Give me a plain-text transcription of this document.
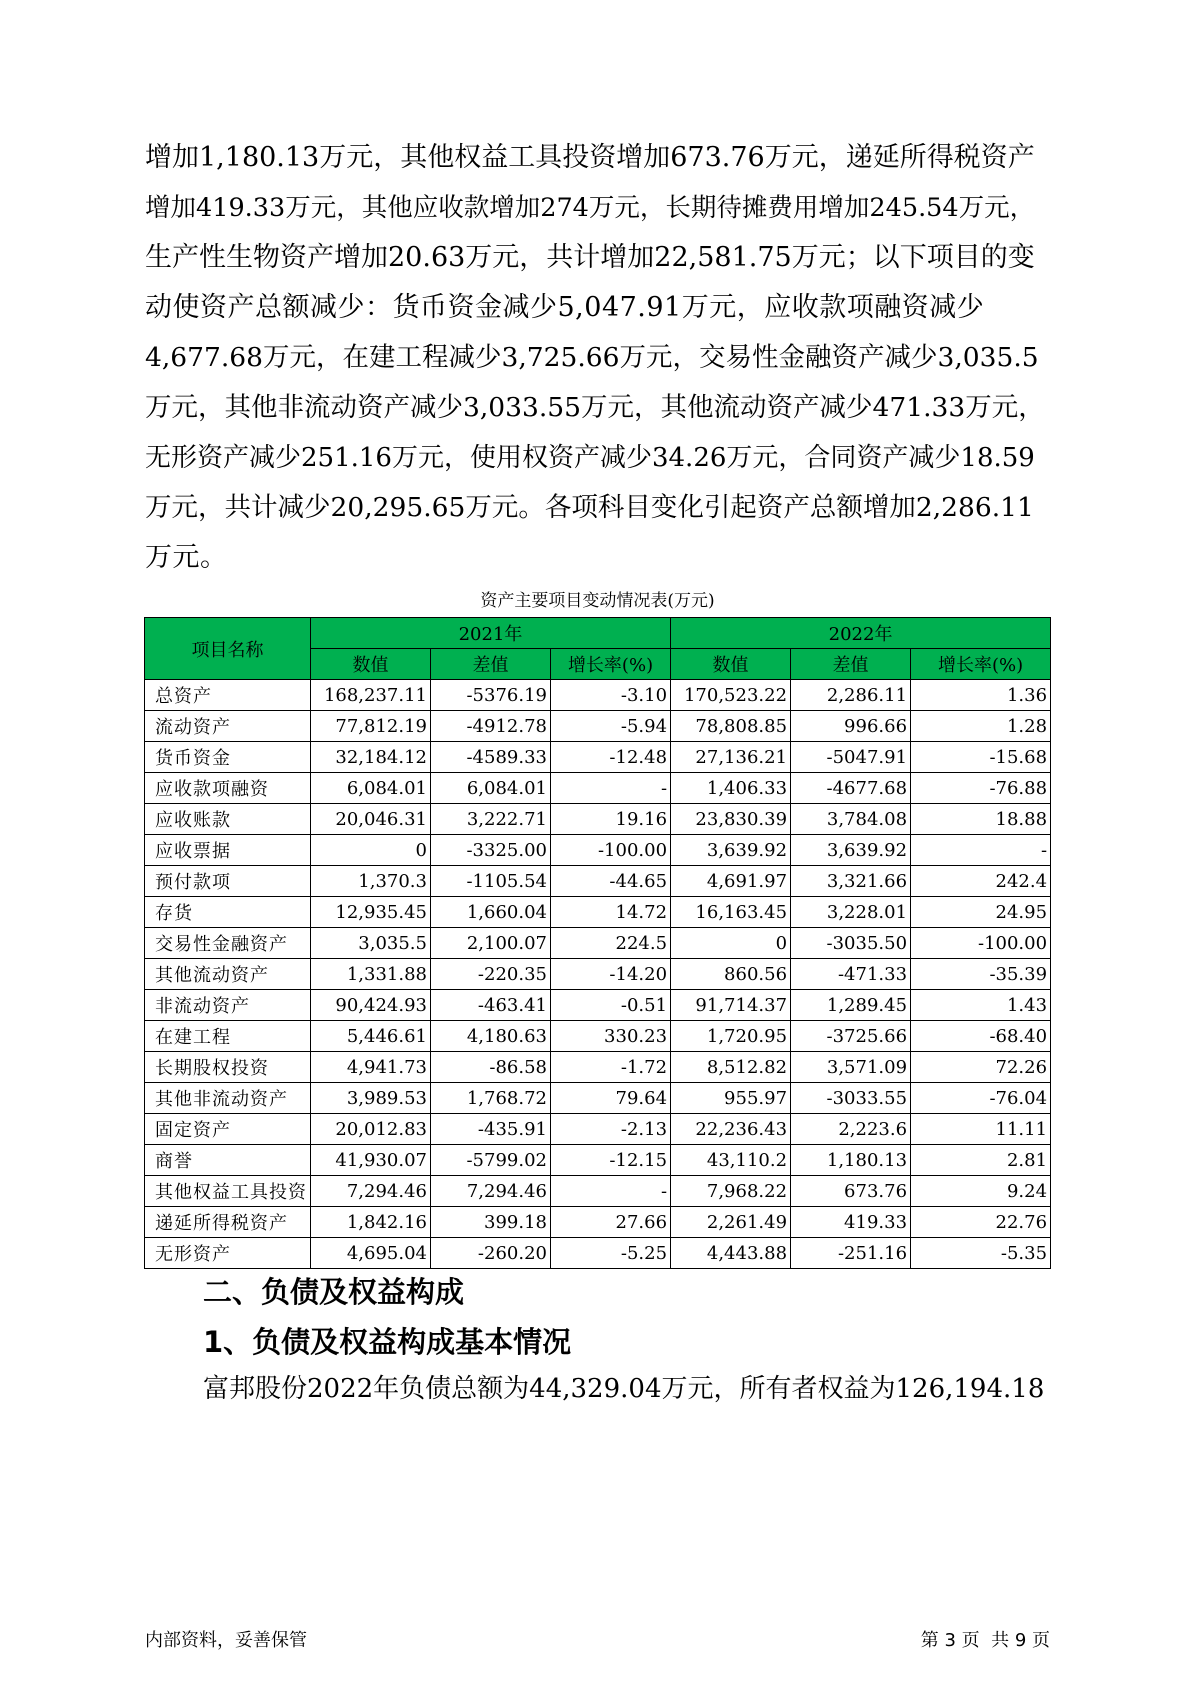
增加1,180.13万元，其他权益工具投资增加673.76万元，递延所得税资产
增加419.33万元，其他应收款增加274万元，长期待摊费用增加245.54万元，
生产性生物资产增加20.63万元，共计增加22,581.75万元；以下项目的变
动使资产总额减少：货币资金减少5,047.91万元，应收款项融资减少
4,677.68万元，在建工程减少3,725.66万元，交易性金融资产减少3,035.5
万元，其他非流动资产减少3,033.55万元，其他流动资产减少471.33万元，
无形资产减少251.16万元，使用权资产减少34.26万元，合同资产减少18.59
万元，共计减少20,295.65万元。各项科目变化引起资产总额增加2,286.11
万元。

资产主要项目变动情况表(万元)
项目名称	2021年			2022年		
	数值	差值	增长率(%)	数值	差值	增长率(%)
总资产	168,237.11	-5376.19	-3.10	170,523.22	2,286.11	1.36
流动资产	77,812.19	-4912.78	-5.94	78,808.85	996.66	1.28
货币资金	32,184.12	-4589.33	-12.48	27,136.21	-5047.91	-15.68
应收款项融资	6,084.01	6,084.01	-	1,406.33	-4677.68	-76.88
应收账款	20,046.31	3,222.71	19.16	23,830.39	3,784.08	18.88
应收票据	0	-3325.00	-100.00	3,639.92	3,639.92	-
预付款项	1,370.3	-1105.54	-44.65	4,691.97	3,321.66	242.4
存货	12,935.45	1,660.04	14.72	16,163.45	3,228.01	24.95
交易性金融资产	3,035.5	2,100.07	224.5	0	-3035.50	-100.00
其他流动资产	1,331.88	-220.35	-14.20	860.56	-471.33	-35.39
非流动资产	90,424.93	-463.41	-0.51	91,714.37	1,289.45	1.43
在建工程	5,446.61	4,180.63	330.23	1,720.95	-3725.66	-68.40
长期股权投资	4,941.73	-86.58	-1.72	8,512.82	3,571.09	72.26
其他非流动资产	3,989.53	1,768.72	79.64	955.97	-3033.55	-76.04
固定资产	20,012.83	-435.91	-2.13	22,236.43	2,223.6	11.11
商誉	41,930.07	-5799.02	-12.15	43,110.2	1,180.13	2.81
其他权益工具投资	7,294.46	7,294.46	-	7,968.22	673.76	9.24
递延所得税资产	1,842.16	399.18	27.66	2,261.49	419.33	22.76
无形资产	4,695.04	-260.20	-5.25	4,443.88	-251.16	-5.35
二、负债及权益构成
1、负债及权益构成基本情况

富邦股份2022年负债总额为44,329.04万元，所有者权益为126,194.18

内部资料，妥善保管	第 3 页  共 9 页
